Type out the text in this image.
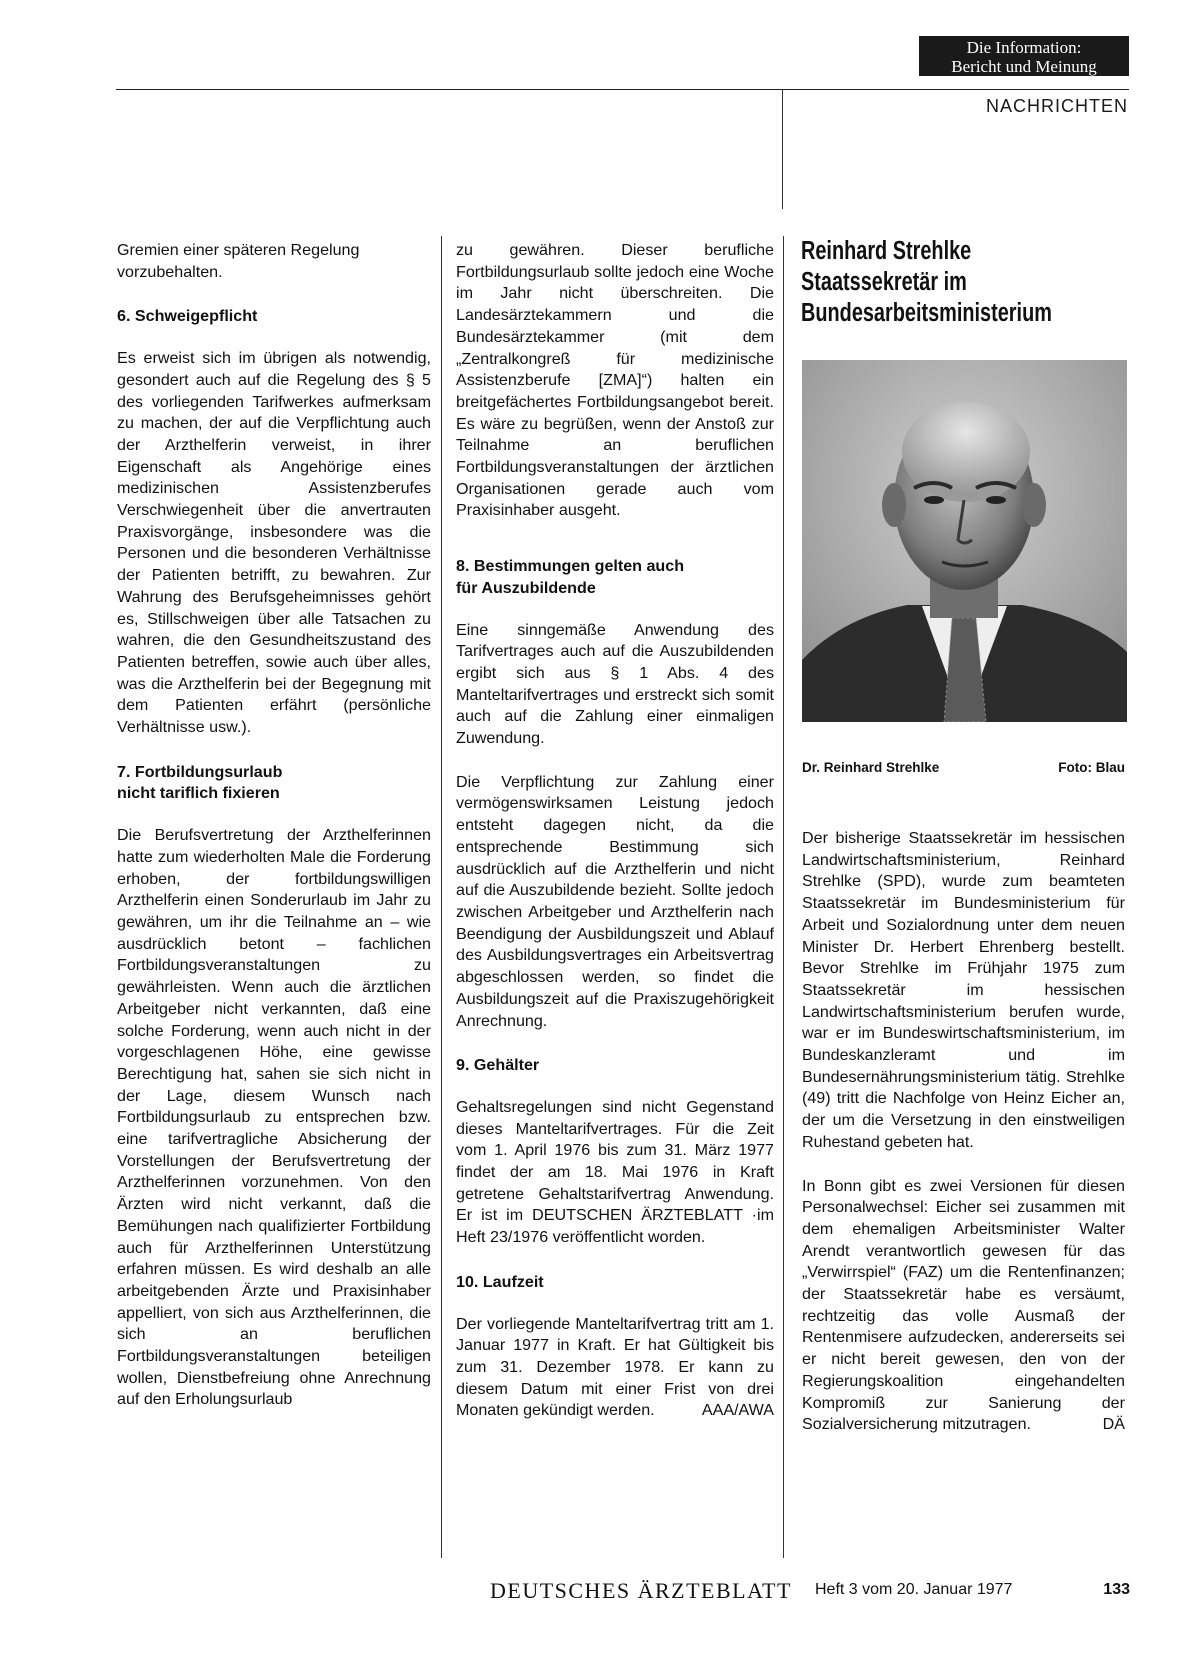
Die Information:
Bericht und Meinung
NACHRICHTEN

Gremien einer späteren Regelung vorzubehalten.

6. Schweigepflicht

Es erweist sich im übrigen als notwendig, gesondert auch auf die Regelung des § 5 des vorliegenden Tarifwerkes aufmerksam zu machen, der auf die Verpflichtung auch der Arzthelferin verweist, in ihrer Eigenschaft als Angehörige eines medizinischen Assistenzberufes Verschwiegenheit über die anvertrauten Praxisvorgänge, insbesondere was die Personen und die besonderen Verhältnisse der Patienten betrifft, zu bewahren. Zur Wahrung des Berufsgeheimnisses gehört es, Stillschweigen über alle Tatsachen zu wahren, die den Gesundheitszustand des Patienten betreffen, sowie auch über alles, was die Arzthelferin bei der Begegnung mit dem Patienten erfährt (persönliche Verhältnisse usw.).

7. Fortbildungsurlaub
nicht tariflich fixieren

Die Berufsvertretung der Arzthelferinnen hatte zum wiederholten Male die Forderung erhoben, der fortbildungswilligen Arzthelferin einen Sonderurlaub im Jahr zu gewähren, um ihr die Teilnahme an – wie ausdrücklich betont – fachlichen Fortbildungsveranstaltungen zu gewährleisten. Wenn auch die ärztlichen Arbeitgeber nicht verkannten, daß eine solche Forderung, wenn auch nicht in der vorgeschlagenen Höhe, eine gewisse Berechtigung hat, sahen sie sich nicht in der Lage, diesem Wunsch nach Fortbildungsurlaub zu entsprechen bzw. eine tarifvertragliche Absicherung der Vorstellungen der Berufsvertretung der Arzthelferinnen vorzunehmen. Von den Ärzten wird nicht verkannt, daß die Bemühungen nach qualifizierter Fortbildung auch für Arzthelferinnen Unterstützung erfahren müssen. Es wird deshalb an alle arbeitgebenden Ärzte und Praxisinhaber appelliert, von sich aus Arzthelferinnen, die sich an beruflichen Fortbildungsveranstaltungen beteiligen wollen, Dienstbefreiung ohne Anrechnung auf den Erholungsurlaub

zu gewähren. Dieser berufliche Fortbildungsurlaub sollte jedoch eine Woche im Jahr nicht überschreiten. Die Landesärztekammern und die Bundesärztekammer (mit dem „Zentralkongreß für medizinische Assistenzberufe [ZMA]“) halten ein breitgefächertes Fortbildungsangebot bereit. Es wäre zu begrüßen, wenn der Anstoß zur Teilnahme an beruflichen Fortbildungsveranstaltungen der ärztlichen Organisationen gerade auch vom Praxisinhaber ausgeht.

8. Bestimmungen gelten auch
für Auszubildende

Eine sinngemäße Anwendung des Tarifvertrages auch auf die Auszubildenden ergibt sich aus § 1 Abs. 4 des Manteltarifvertrages und erstreckt sich somit auch auf die Zahlung einer einmaligen Zuwendung.

Die Verpflichtung zur Zahlung einer vermögenswirksamen Leistung jedoch entsteht dagegen nicht, da die entsprechende Bestimmung sich ausdrücklich auf die Arzthelferin und nicht auf die Auszubildende bezieht. Sollte jedoch zwischen Arbeitgeber und Arzthelferin nach Beendigung der Ausbildungszeit und Ablauf des Ausbildungsvertrages ein Arbeitsvertrag abgeschlossen werden, so findet die Ausbildungszeit auf die Praxiszugehörigkeit Anrechnung.

9. Gehälter

Gehaltsregelungen sind nicht Gegenstand dieses Manteltarifvertrages. Für die Zeit vom 1. April 1976 bis zum 31. März 1977 findet der am 18. Mai 1976 in Kraft getretene Gehaltstarifvertrag Anwendung. Er ist im DEUTSCHEN ÄRZTEBLATT ·im Heft 23/1976 veröffentlicht worden.

10. Laufzeit

Der vorliegende Manteltarifvertrag tritt am 1. Januar 1977 in Kraft. Er hat Gültigkeit bis zum 31. Dezember 1978. Er kann zu diesem Datum mit einer Frist von drei Monaten gekündigt werden.	AAA/AWA

Reinhard Strehlke
Staatssekretär im
Bundesarbeitsministerium
Dr. Reinhard Strehlke	Foto: Blau

Der bisherige Staatssekretär im hessischen Landwirtschaftsministerium, Reinhard Strehlke (SPD), wurde zum beamteten Staatssekretär im Bundesministerium für Arbeit und Sozialordnung unter dem neuen Minister Dr. Herbert Ehrenberg bestellt. Bevor Strehlke im Frühjahr 1975 zum Staatssekretär im hessischen Landwirtschaftsministerium berufen wurde, war er im Bundeswirtschaftsministerium, im Bundeskanzleramt und im Bundesernährungsministerium tätig. Strehlke (49) tritt die Nachfolge von Heinz Eicher an, der um die Versetzung in den einstweiligen Ruhestand gebeten hat.

In Bonn gibt es zwei Versionen für diesen Personalwechsel: Eicher sei zusammen mit dem ehemaligen Arbeitsminister Walter Arendt verantwortlich gewesen für das „Verwirrspiel“ (FAZ) um die Rentenfinanzen; der Staatssekretär habe es versäumt, rechtzeitig das volle Ausmaß der Rentenmisere aufzudecken, andererseits sei er nicht bereit gewesen, den von der Regierungskoalition eingehandelten Kompromiß zur Sanierung der Sozialversicherung mitzutragen.	DÄ

DEUTSCHES ÄRZTEBLATT Heft 3 vom 20. Januar 1977	133
